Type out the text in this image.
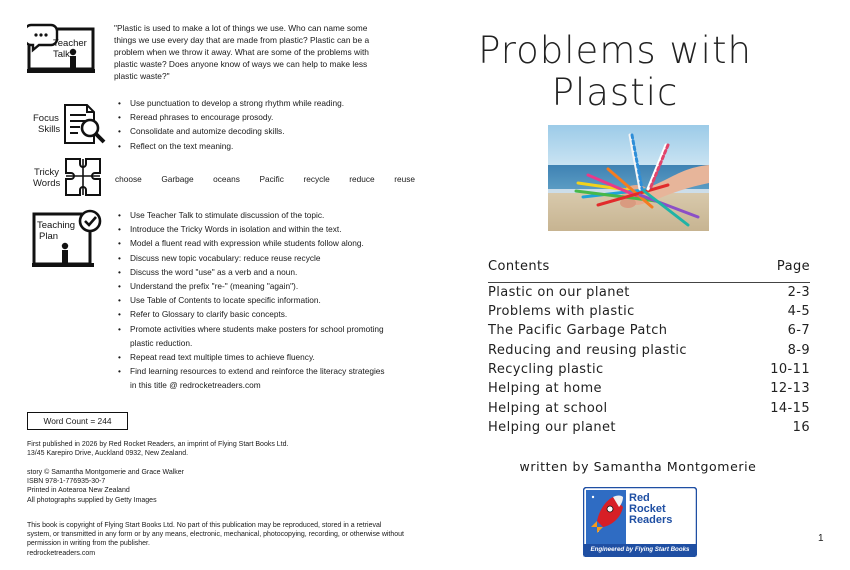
Teacher
Talk
"Plastic is used to make a lot of things we use. Who can name some things we use every day that are made from plastic? Plastic can be a problem when we throw it away. What are some of the problems with plastic waste? Does anyone know of ways we can help to make less plastic waste?"
Focus
Skills
• Use punctuation to develop a strong rhythm while reading.
• Reread phrases to encourage prosody.
• Consolidate and automize decoding skills.
• Reflect on the text meaning.
Tricky
Words	choose Garbage oceans Pacific recycle reduce reuse
Teaching
Plan
• Use Teacher Talk to stimulate discussion of the topic.
• Introduce the Tricky Words in isolation and within the text.
• Model a fluent read with expression while students follow along.
• Discuss new topic vocabulary: reduce reuse recycle
• Discuss the word "use" as a verb and a noun.
• Understand the prefix "re-" (meaning "again").
• Use Table of Contents to locate specific information.
• Refer to Glossary to clarify basic concepts.
• Promote activities where students make posters for school promoting plastic reduction.
• Repeat read text multiple times to achieve fluency.
• Find learning resources to extend and reinforce the literacy strategies in this title @ redrocketreaders.com
Word Count = 244
First published in 2026 by Red Rocket Readers, an imprint of Flying Start Books Ltd.
13/45 Karepiro Drive, Auckland 0932, New Zealand.
story © Samantha Montgomerie and Grace Walker
ISBN 978-1-776935-30-7
Printed in Aotearoa New Zealand
All photographs supplied by Getty Images
This book is copyright of Flying Start Books Ltd. No part of this publication may be reproduced, stored in a retrieval
system, or transmitted in any form or by any means, electronic, mechanical, photocopying, recording, or otherwise without
permission in writing from the publisher.
redrocketreaders.com
Problems with
Plastic
Contents	Page
Plastic on our planet	2-3
Problems with plastic	4-5
The Pacific Garbage Patch	6-7
Reducing and reusing plastic	8-9
Recycling plastic	10-11
Helping at home	12-13
Helping at school	14-15
Helping our planet	16
written by Samantha Montgomerie
Red
Rocket
Readers
Engineered by Flying Start Books
1
